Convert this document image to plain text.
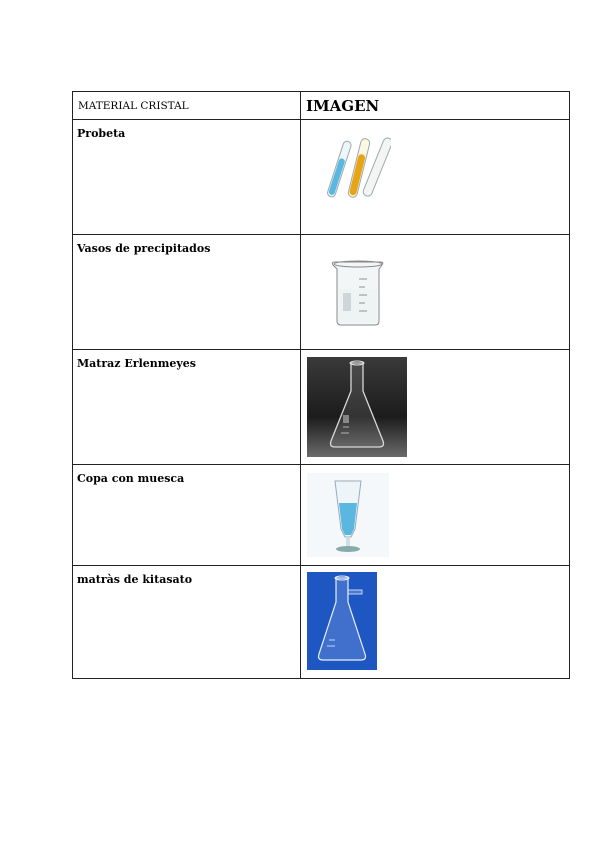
MATERIAL CRISTAL	IMAGEN

Probeta

Vasos de precipitados

Matraz Erlenmeyes

Copa con muesca

matràs de kitasato
